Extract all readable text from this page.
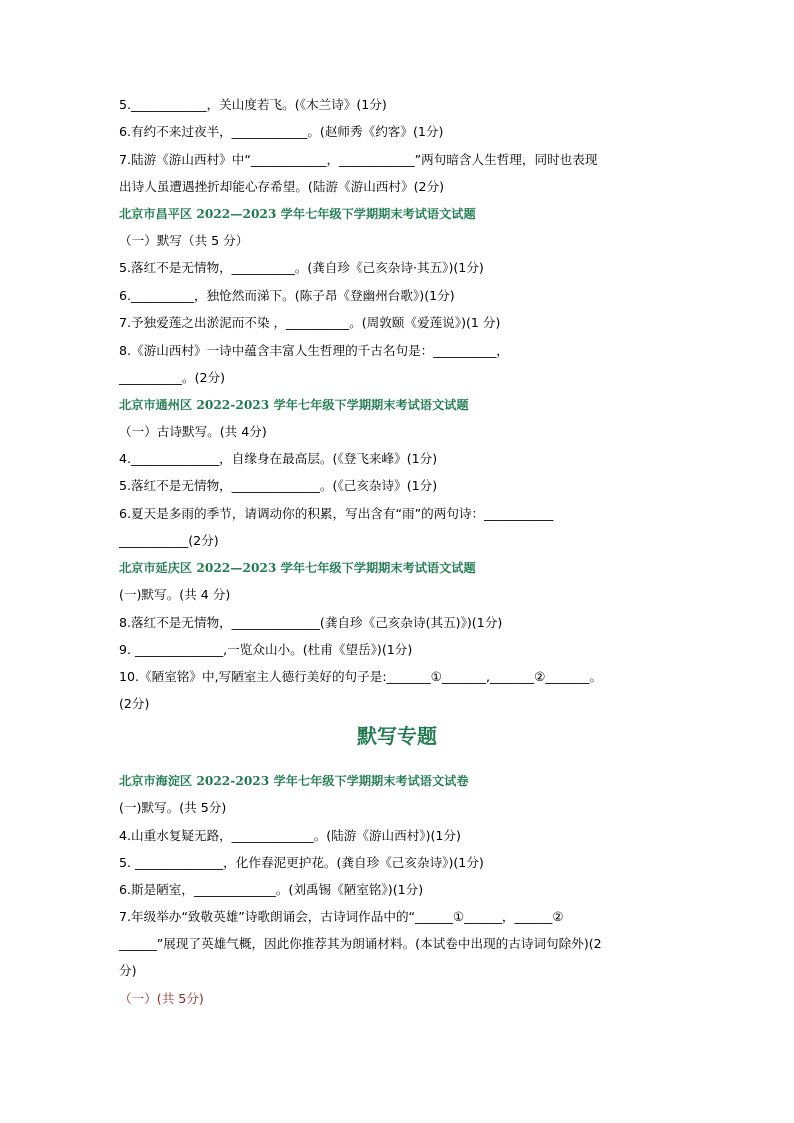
5.____________，关山度若飞。(《木兰诗》(1分)
6.有约不来过夜半，____________。(赵师秀《约客》(1分)
7.陆游《游山西村》中“____________，____________”两句暗含人生哲理，同时也表现
出诗人虽遭遇挫折却能心存希望。(陆游《游山西村》(2分)
北京市昌平区 2022—2023 学年七年级下学期期末考试语文试题
（一）默写（共 5 分）
5.落红不是无情物，__________。(龚自珍《己亥杂诗·其五》)(1分)
6.__________，独怆然而涕下。(陈子昂《登幽州台歌》)(1分)
7.予独爱莲之出淤泥而不染 ，__________。(周敦颐《爱莲说》)(1 分)
8.《游山西村》一诗中蕴含丰富人生哲理的千古名句是：__________，
__________。(2分)
北京市通州区 2022-2023 学年七年级下学期期末考试语文试题
（一）古诗默写。(共 4分)
4.______________，自缘身在最高层。(《登飞来峰》(1分)
5.落红不是无情物，______________。(《己亥杂诗》(1分)
6.夏天是多雨的季节，请调动你的积累，写出含有“雨”的两句诗：___________
___________(2分)
北京市延庆区 2022—2023 学年七年级下学期期末考试语文试题
(一)默写。(共 4 分)
8.落红不是无情物，______________(龚自珍《己亥杂诗(其五)》)(1分)
9. ______________,一览众山小。(杜甫《望岳》)(1分)
10.《陋室铭》中,写陋室主人德行美好的句子是:_______①_______,_______②_______。
(2分)
默写专题
北京市海淀区 2022-2023 学年七年级下学期期末考试语文试卷
(一)默写。(共 5分)
4.山重水复疑无路，_____________。(陆游《游山西村》)(1分)
5. ______________，化作春泥更护花。(龚自珍《己亥杂诗》)(1分)
6.斯是陋室，_____________。(刘禹锡《陋室铭》)(1分)
7.年级举办“致敬英雄”诗歌朗诵会，古诗词作品中的“______①______，______②
______”展现了英雄气概，因此你推荐其为朗诵材料。(本试卷中出现的古诗词句除外)(2
分)
（一）(共 5分)
